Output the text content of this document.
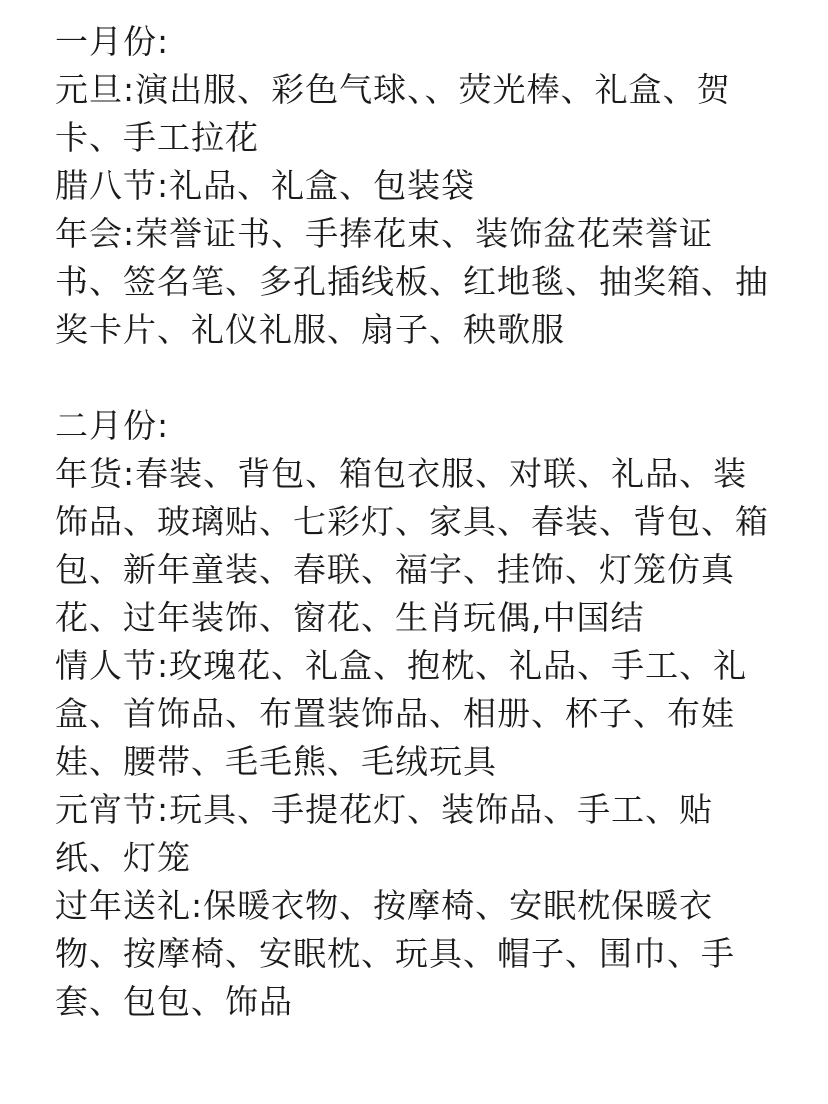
一月份:

元旦:演出服、彩色气球、、荧光棒、礼盒、贺卡、手工拉花

腊八节:礼品、礼盒、包装袋

年会:荣誉证书、手捧花束、装饰盆花荣誉证书、签名笔、多孔插线板、红地毯、抽奖箱、抽奖卡片、礼仪礼服、扇子、秧歌服

二月份:

年货:春装、背包、箱包衣服、对联、礼品、装饰品、玻璃贴、七彩灯、家具、春装、背包、箱包、新年童装、春联、福字、挂饰、灯笼仿真花、过年装饰、窗花、生肖玩偶,中国结

情人节:玫瑰花、礼盒、抱枕、礼品、手工、礼盒、首饰品、布置装饰品、相册、杯子、布娃娃、腰带、毛毛熊、毛绒玩具

元宵节:玩具、手提花灯、装饰品、手工、贴纸、灯笼

过年送礼:保暖衣物、按摩椅、安眠枕保暖衣物、按摩椅、安眠枕、玩具、帽子、围巾、手套、包包、饰品
